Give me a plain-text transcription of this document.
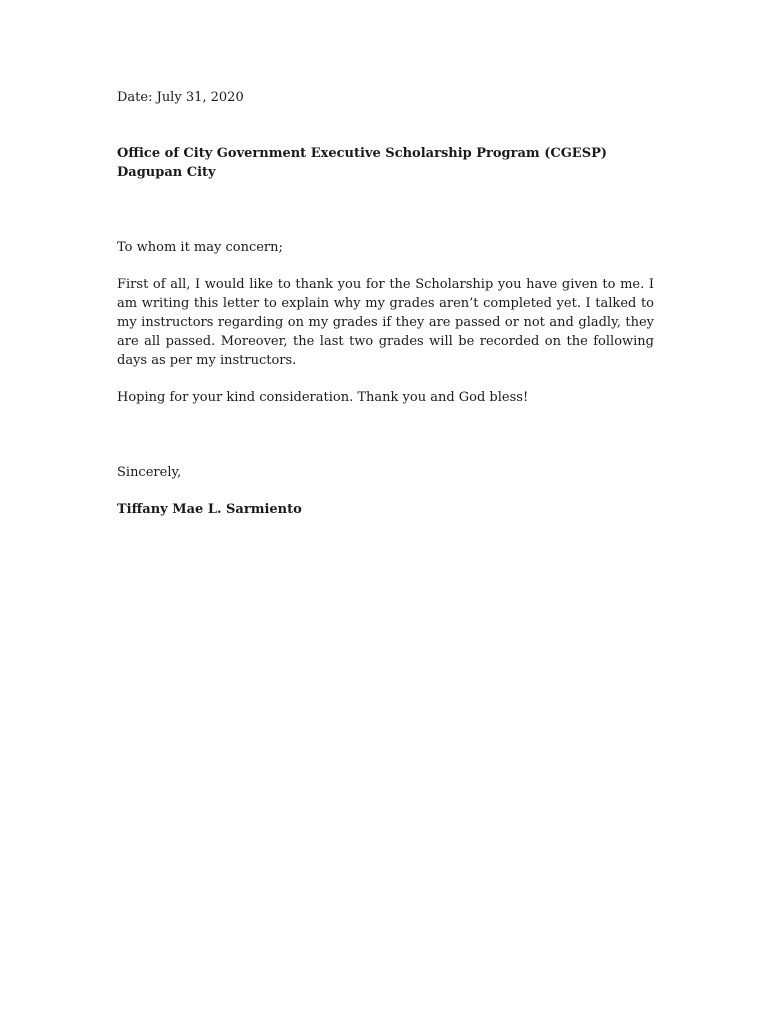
Date: July 31, 2020

Office of City Government Executive Scholarship Program (CGESP)
Dagupan City

To whom it may concern;

First of all, I would like to thank you for the Scholarship you have given to me. I am writing this letter to explain why my grades aren’t completed yet. I talked to my instructors regarding on my grades if they are passed or not and gladly, they are all passed. Moreover, the last two grades will be recorded on the following days as per my instructors.

Hoping for your kind consideration. Thank you and God bless!

Sincerely,

Tiffany Mae L. Sarmiento
